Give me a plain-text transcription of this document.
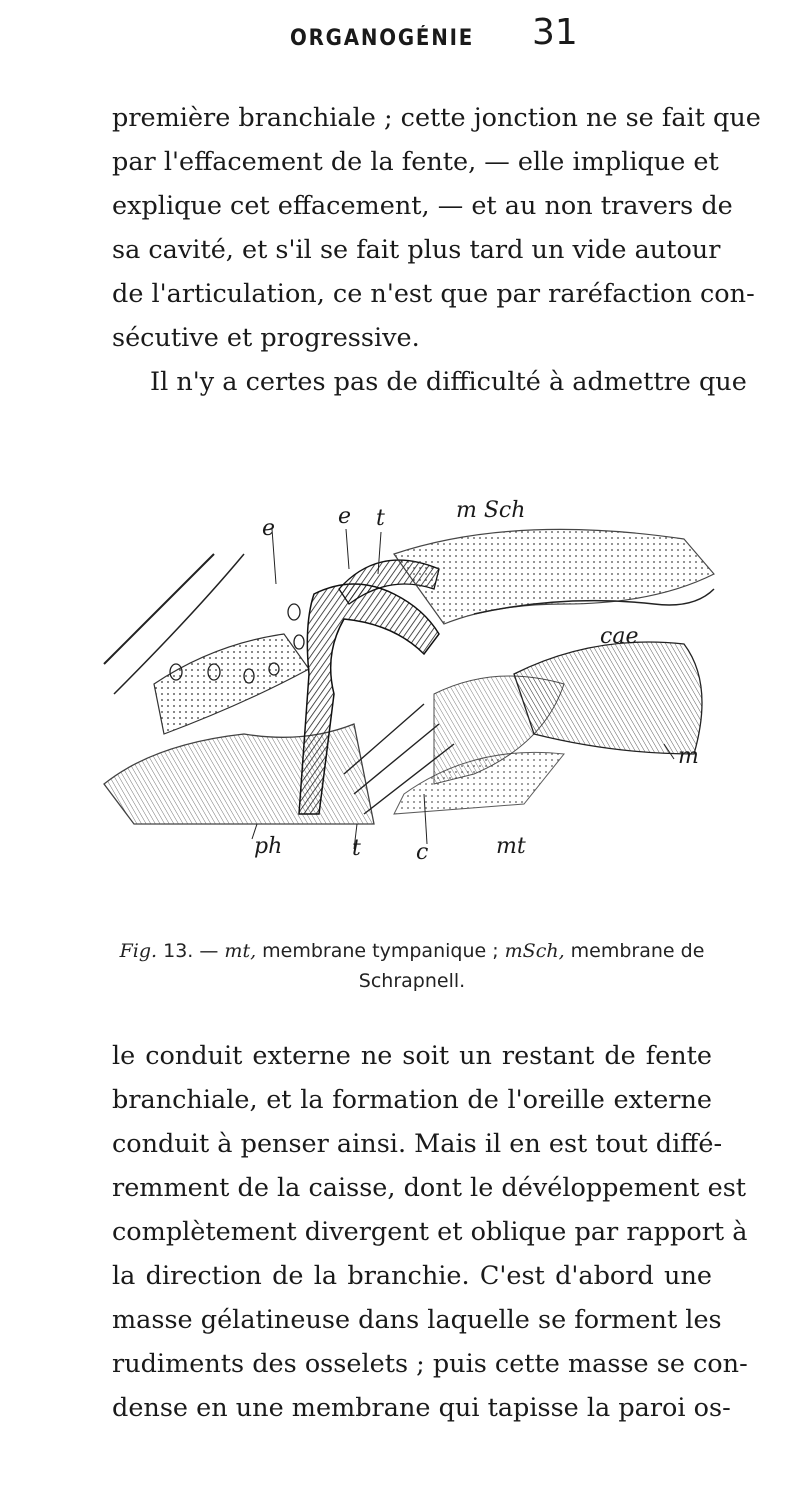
ORGANOGÉNIE 31
première branchiale ; cette jonction ne se fait que
par l'effacement de la fente, — elle implique et
explique cet effacement, — et au non travers de
sa cavité, et s'il se fait plus tard un vide autour
de l'articulation, ce n'est que par raréfaction con-
sécutive et progressive.
Il n'y a certes pas de difficulté à admettre que
e	e t	m Sch
cae
m
ph	t	c	mt
Fig. 13. — mt, membrane tympanique ; mSch, membrane de Schrapnell.
le conduit externe ne soit un restant de fente
branchiale, et la formation de l'oreille externe
conduit à penser ainsi. Mais il en est tout diffé-
remment de la caisse, dont le dévéloppement est
complètement divergent et oblique par rapport à
la direction de la branchie. C'est d'abord une
masse gélatineuse dans laquelle se forment les
rudiments des osselets ; puis cette masse se con-
dense en une membrane qui tapisse la paroi os-
